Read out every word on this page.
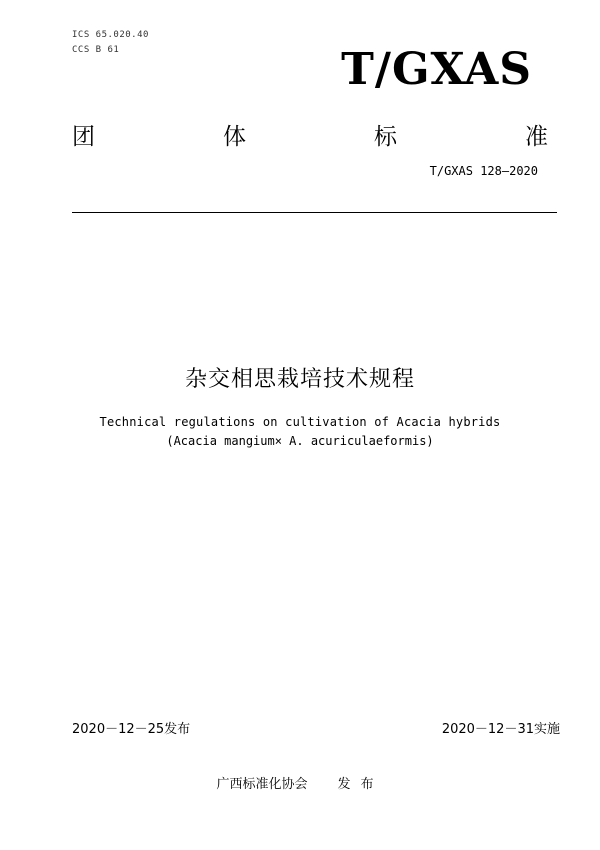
ICS 65.020.40
CCS B 61	T/GXAS
团	体	标	准
T/GXAS 128—2020
杂交相思栽培技术规程
Technical regulations on cultivation of Acacia hybrids
(Acacia mangium× A. acuriculaeformis)
2020－12－25发布	2020－12－31实施
广西标准化协会 发布
